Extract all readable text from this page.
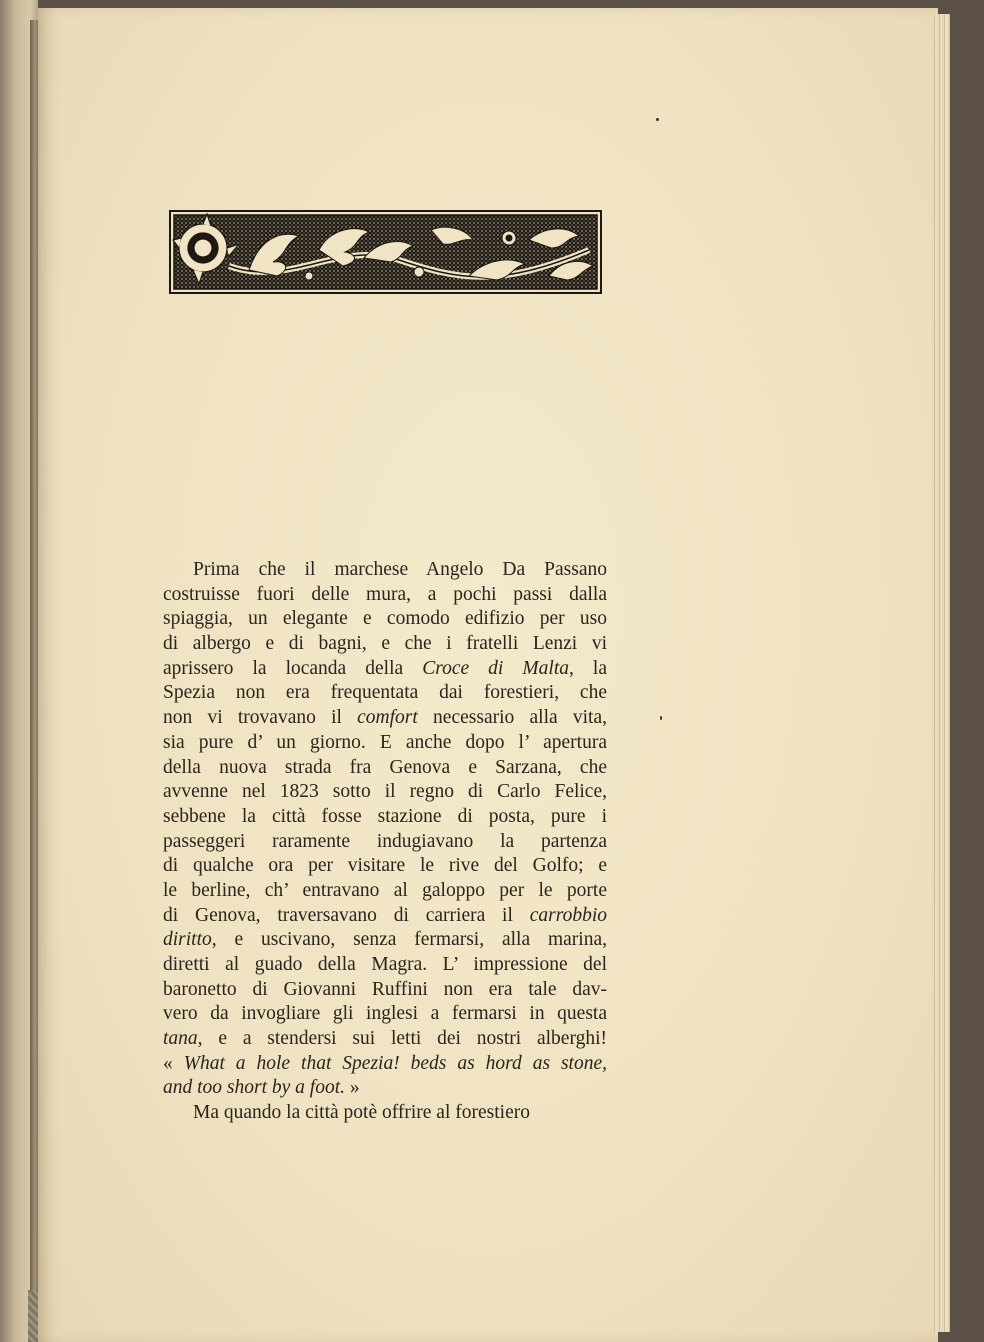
Prima che il marchese Angelo Da Passano
costruisse fuori delle mura, a pochi passi dalla
spiaggia, un elegante e comodo edifizio per uso
di albergo e di bagni, e che i fratelli Lenzi vi
aprissero la locanda della Croce di Malta, la
Spezia non era frequentata dai forestieri, che
non vi trovavano il comfort necessario alla vita,
sia pure d’ un giorno. E anche dopo l’ apertura
della nuova strada fra Genova e Sarzana, che
avvenne nel 1823 sotto il regno di Carlo Felice,
sebbene la città fosse stazione di posta, pure i
passeggeri raramente indugiavano la partenza
di qualche ora per visitare le rive del Golfo; e
le berline, ch’ entravano al galoppo per le porte
di Genova, traversavano di carriera il carrobbio
diritto, e uscivano, senza fermarsi, alla marina,
diretti al guado della Magra. L’ impressione del
baronetto di Giovanni Ruffini non era tale dav-
vero da invogliare gli inglesi a fermarsi in questa
tana, e a stendersi sui letti dei nostri alberghi!
« What a hole that Spezia! beds as hord as stone,
and too short by a foot. »
Ma quando la città potè offrire al forestiero
